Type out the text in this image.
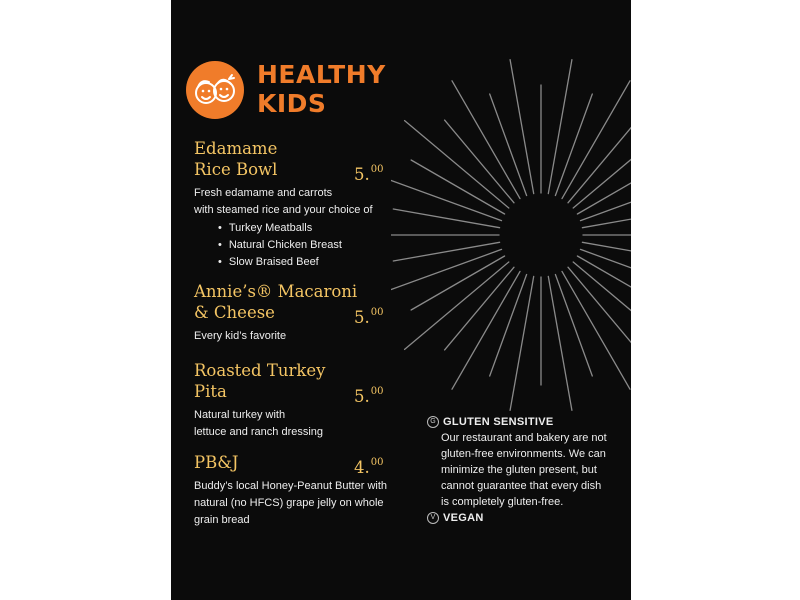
HEALTHY
KIDS
Edamame
Rice Bowl	5.00
Fresh edamame and carrots
with steamed rice and your choice of
• Turkey Meatballs
• Natural Chicken Breast
• Slow Braised Beef
Annie’s® Macaroni
& Cheese	5.00
Every kid’s favorite
Roasted Turkey
Pita	5.00
Natural turkey with
lettuce and ranch dressing
PB&J	4.00
Buddy’s local Honey-Peanut Butter with
natural (no HFCS) grape jelly on whole
grain bread
G GLUTEN SENSITIVE
Our restaurant and bakery are not
gluten-free environments. We can
minimize the gluten present, but
cannot guarantee that every dish
is completely gluten-free.
V VEGAN
